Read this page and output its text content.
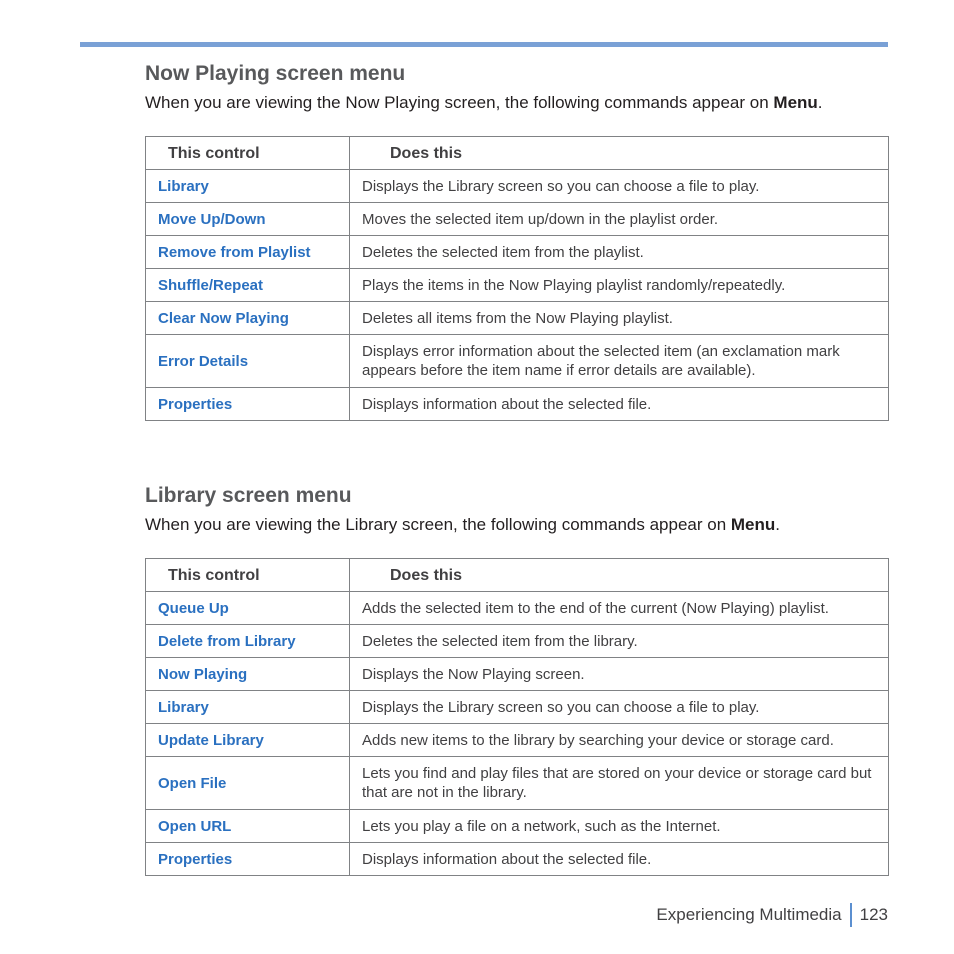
Now Playing screen menu

When you are viewing the Now Playing screen, the following commands appear on Menu.

This control	Does this
Library	Displays the Library screen so you can choose a file to play.
Move Up/Down	Moves the selected item up/down in the playlist order.
Remove from Playlist	Deletes the selected item from the playlist.
Shuffle/Repeat	Plays the items in the Now Playing playlist randomly/repeatedly.
Clear Now Playing	Deletes all items from the Now Playing playlist.
Error Details	Displays error information about the selected item (an exclamation mark appears before the item name if error details are available).
Properties	Displays information about the selected file.
Library screen menu

When you are viewing the Library screen, the following commands appear on Menu.

This control	Does this
Queue Up	Adds the selected item to the end of the current (Now Playing) playlist.
Delete from Library	Deletes the selected item from the library.
Now Playing	Displays the Now Playing screen.
Library	Displays the Library screen so you can choose a file to play.
Update Library	Adds new items to the library by searching your device or storage card.
Open File	Lets you find and play files that are stored on your device or storage card but that are not in the library.
Open URL	Lets you play a file on a network, such as the Internet.
Properties	Displays information about the selected file.
Experiencing Multimedia 123
